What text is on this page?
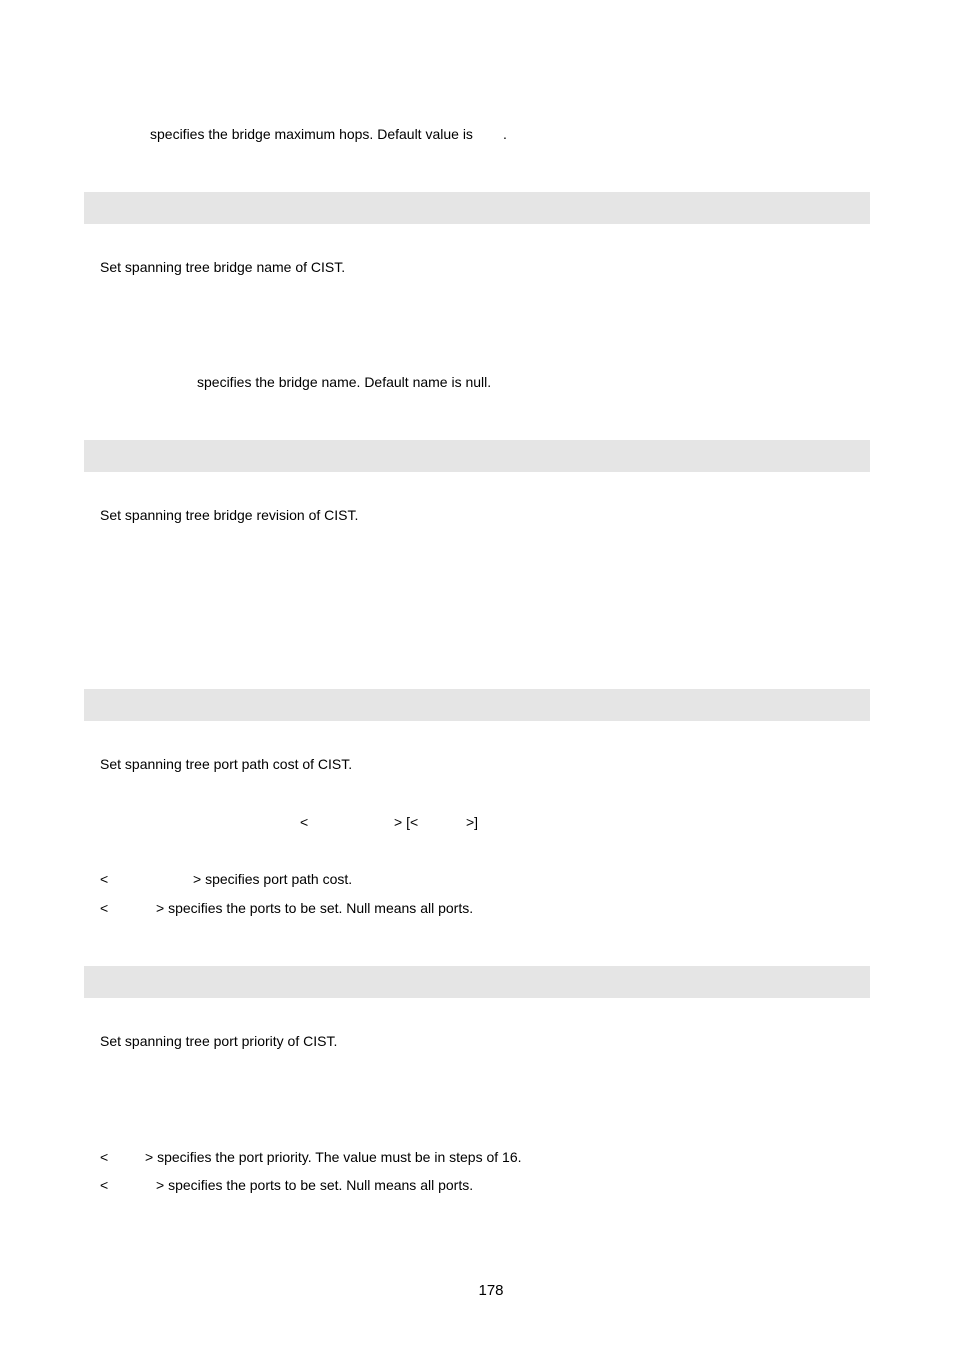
specifies the bridge maximum hops. Default value is .
Set spanning tree bridge name of CIST.
specifies the bridge name. Default name is null.
Set spanning tree bridge revision of CIST.
Set spanning tree port path cost of CIST.
<	> [<	>]
<	> specifies port path cost.
<	> specifies the ports to be set. Null means all ports.
Set spanning tree port priority of CIST.
<	> specifies the port priority. The value must be in steps of 16.
<	> specifies the ports to be set. Null means all ports.
178
